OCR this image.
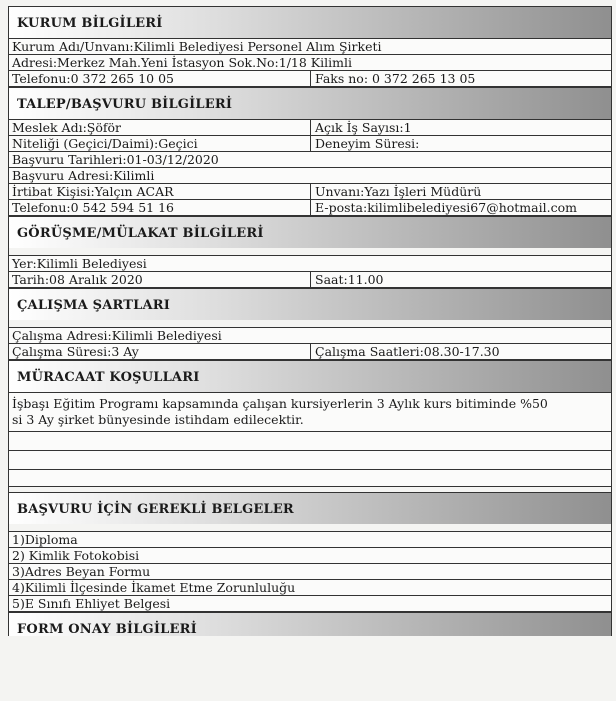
KURUM BİLGİLERİ
Kurum Adı/Unvanı:Kilimli Belediyesi Personel Alım Şirketi
Adresi:Merkez Mah.Yeni İstasyon Sok.No:1/18 Kilimli
Telefonu:0 372 265 10 05	Faks no: 0 372 265 13 05
TALEP/BAŞVURU BİLGİLERİ
Meslek Adı:Şöför	Açık İş Sayısı:1
Niteliği (Geçici/Daimi):Geçici	Deneyim Süresi:
Başvuru Tarihleri:01-03/12/2020
Başvuru Adresi:Kilimli
İrtibat Kişisi:Yalçın ACAR	Unvanı:Yazı İşleri Müdürü
Telefonu:0 542 594 51 16	E-posta:kilimlibelediyesi67@hotmail.com
GÖRÜŞME/MÜLAKAT BİLGİLERİ
Yer:Kilimli Belediyesi
Tarih:08 Aralık 2020	Saat:11.00
ÇALIŞMA ŞARTLARI
Çalışma Adresi:Kilimli Belediyesi
Çalışma Süresi:3 Ay	Çalışma Saatleri:08.30-17.30
MÜRACAAT KOŞULLARI
İşbaşı Eğitim Programı kapsamında çalışan kursiyerlerin 3 Aylık kurs bitiminde %50
si 3 Ay şirket bünyesinde istihdam edilecektir.
BAŞVURU İÇİN GEREKLİ BELGELER
1)Diploma
2) Kimlik Fotokobisi
3)Adres Beyan Formu
4)Kilimli İlçesinde İkamet Etme Zorunluluğu
5)E Sınıfı Ehliyet Belgesi
FORM ONAY BİLGİLERİ
